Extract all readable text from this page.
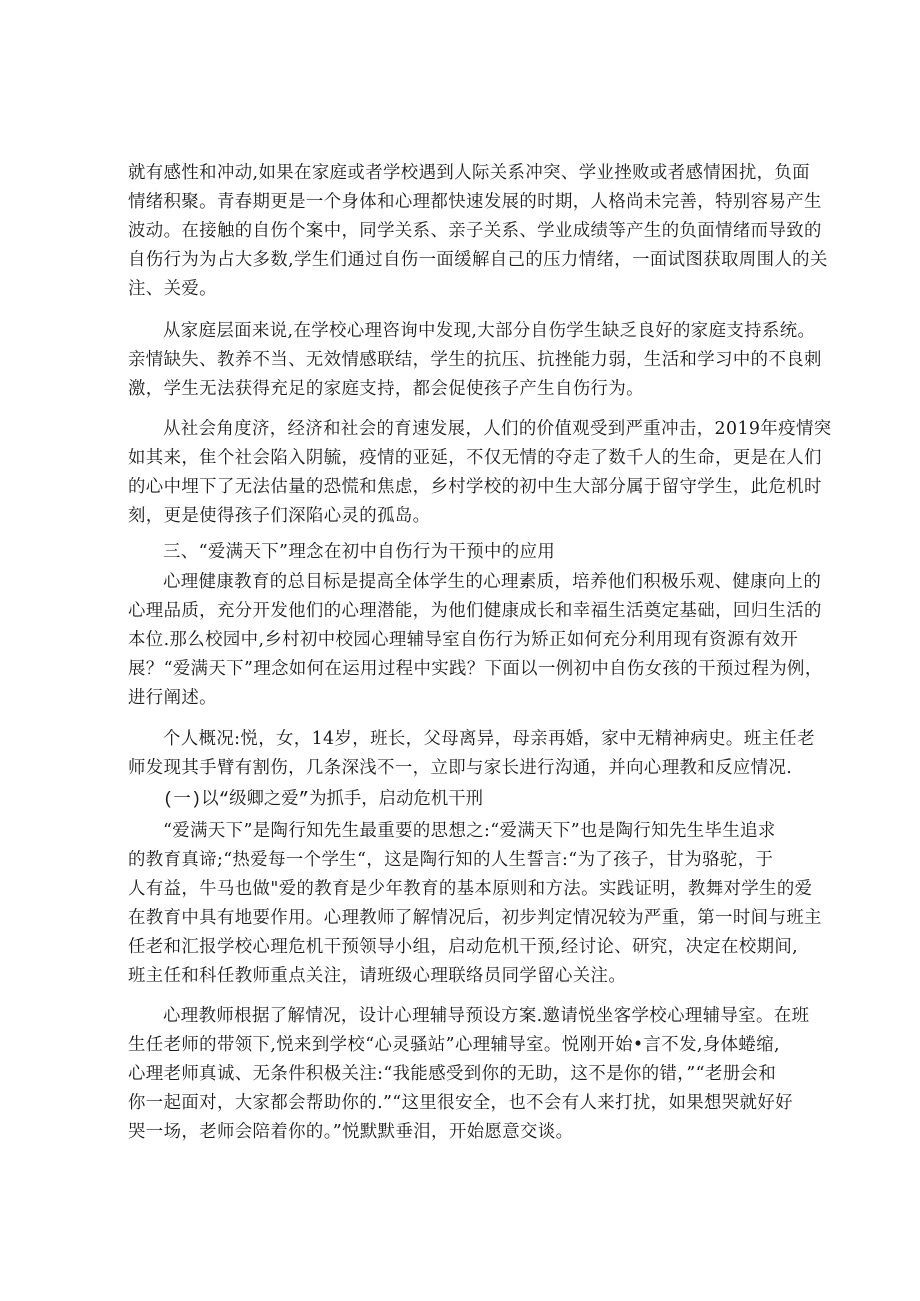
就有感性和冲动,如果在家庭或者学校遇到人际关系冲突、学业挫败或者感情困扰，负面
情绪积聚。青春期更是一个身体和心理都快速发展的时期，人格尚未完善，特别容易产生
波动。在接触的自伤个案中，同学关系、亲子关系、学业成绩等产生的负面情绪而导致的
自伤行为为占大多数,学生们通过自伤一面缓解自己的压力情绪，一面试图获取周围人的关
注、关爱。
从家庭层面来说,在学校心理咨询中发现,大部分自伤学生缺乏良好的家庭支持系统。
亲情缺失、教养不当、无效情感联结，学生的抗压、抗挫能力弱，生活和学习中的不良刺
激，学生无法获得充足的家庭支持，都会促使孩子产生自伤行为。
从社会角度济，经济和社会的育速发展，人们的价值观受到严重冲击，2019年疫情突
如其来，隹个社会陷入阴毓，疫情的亚延，不仅无情的夺走了数千人的生命，更是在人们
的心中埋下了无法估量的恐慌和焦虑，乡村学校的初中生大部分属于留守学生，此危机时
刻，更是使得孩子们深陷心灵的孤岛。
三、“爱满天下”理念在初中自伤行为干预中的应用
心理健康教育的总目标是提高全体学生的心理素质，培养他们积极乐观、健康向上的
心理品质，充分开发他们的心理潜能，为他们健康成长和幸福生活奠定基础，回归生活的
本位.那么校园中,乡村初中校园心理辅导室自伤行为矫正如何充分利用现有资源有效开
展？“爱满天下”理念如何在运用过程中实践？下面以一例初中自伤女孩的干预过程为例，
进行阐述。
个人概况:悦，女，14岁，班长，父母离异，母亲再婚，家中无精神病史。班主任老
师发现其手臂有割伤，几条深浅不一，立即与家长进行沟通，并向心理教和反应情况.
(一)以“级卿之爱”为抓手，启动危机干刑
“爱满天下”是陶行知先生最重要的思想之:“爱满天下”也是陶行知先生毕生追求
的教育真谛;“热爱每一个学生“，这是陶行知的人生誓言:“为了孩子，甘为骆驼，于
人有益，牛马也做"爱的教育是少年教育的基本原则和方法。实践证明，教舞对学生的爱
在教育中具有地要作用。心理教师了解情况后，初步判定情况较为严重，第一时间与班主
任老和汇报学校心理危机干预领导小组，启动危机干预,经讨论、研究，决定在校期间,
班主任和科任教师重点关注，请班级心理联络员同学留心关注。
心理教师根据了解情况，设计心理辅导预设方案.邀请悦坐客学校心理辅导室。在班
生任老师的带领下,悦来到学校“心灵骚站”心理辅导室。悦刚开始•言不发,身体蜷缩,
心理老师真诚、无条件积极关注:“我能感受到你的无助，这不是你的错，”“老册会和
你一起面对，大家都会帮助你的.”“这里很安全，也不会有人来打扰，如果想哭就好好
哭一场，老师会陪着你的。”悦默默垂泪，开始愿意交谈。
